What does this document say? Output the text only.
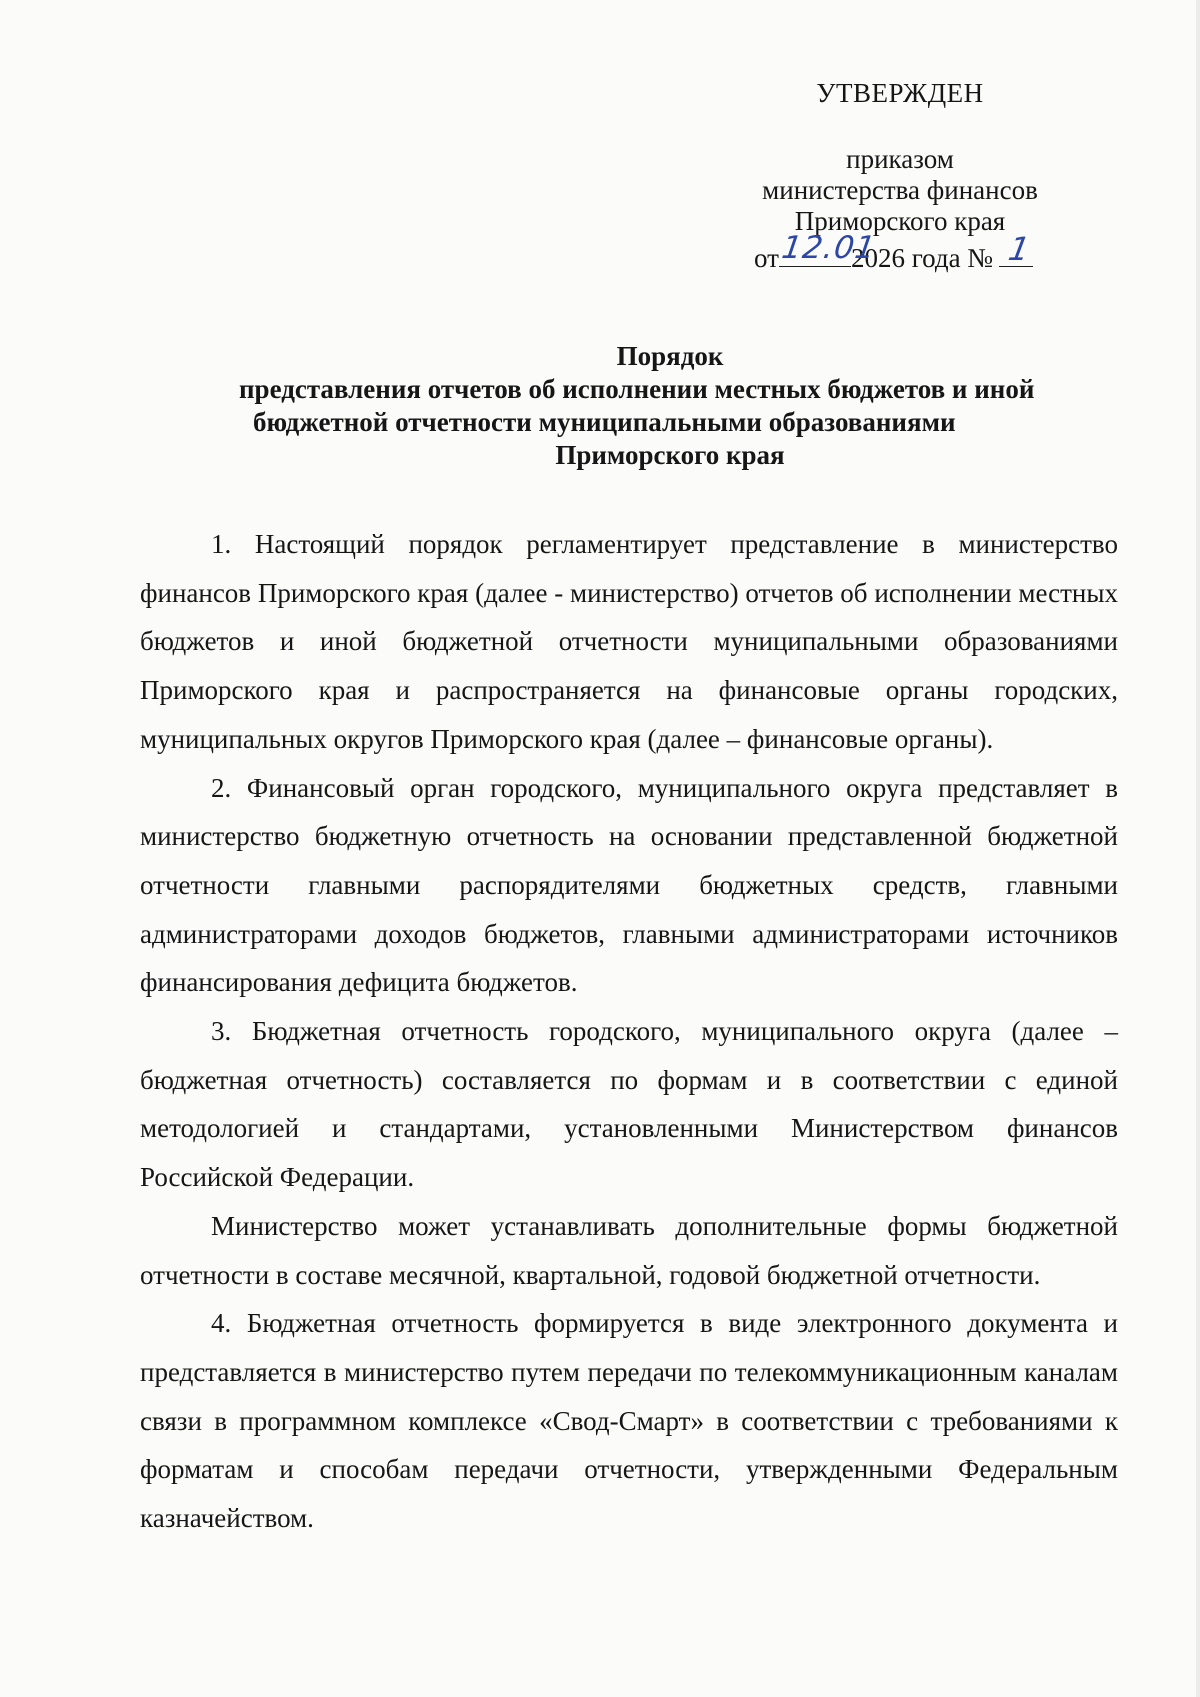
УТВЕРЖДЕН
приказом
министерства финансов
Приморского края
от 12.01
2026 года № 1
Порядок
представления отчетов об исполнении местных бюджетов и иной
бюджетной отчетности муниципальными образованиями
Приморского края

1. Настоящий порядок регламентирует представление в министерство финансов Приморского края (далее - министерство) отчетов об исполнении местных бюджетов и иной бюджетной отчетности муниципальными образованиями Приморского края и распространяется на финансовые органы городских, муниципальных округов Приморского края (далее – финансовые органы).

2. Финансовый орган городского, муниципального округа представляет в министерство бюджетную отчетность на основании представленной бюджетной отчетности главными распорядителями бюджетных средств, главными администраторами доходов бюджетов, главными администраторами источников финансирования дефицита бюджетов.

3. Бюджетная отчетность городского, муниципального округа (далее – бюджетная отчетность) составляется по формам и в соответствии с единой методологией и стандартами, установленными Министерством финансов Российской Федерации.

Министерство может устанавливать дополнительные формы бюджетной отчетности в составе месячной, квартальной, годовой бюджетной отчетности.

4. Бюджетная отчетность формируется в виде электронного документа и представляется в министерство путем передачи по телекоммуникационным каналам связи в программном комплексе «Свод-Смарт» в соответствии с требованиями к форматам и способам передачи отчетности, утвержденными Федеральным казначейством.
